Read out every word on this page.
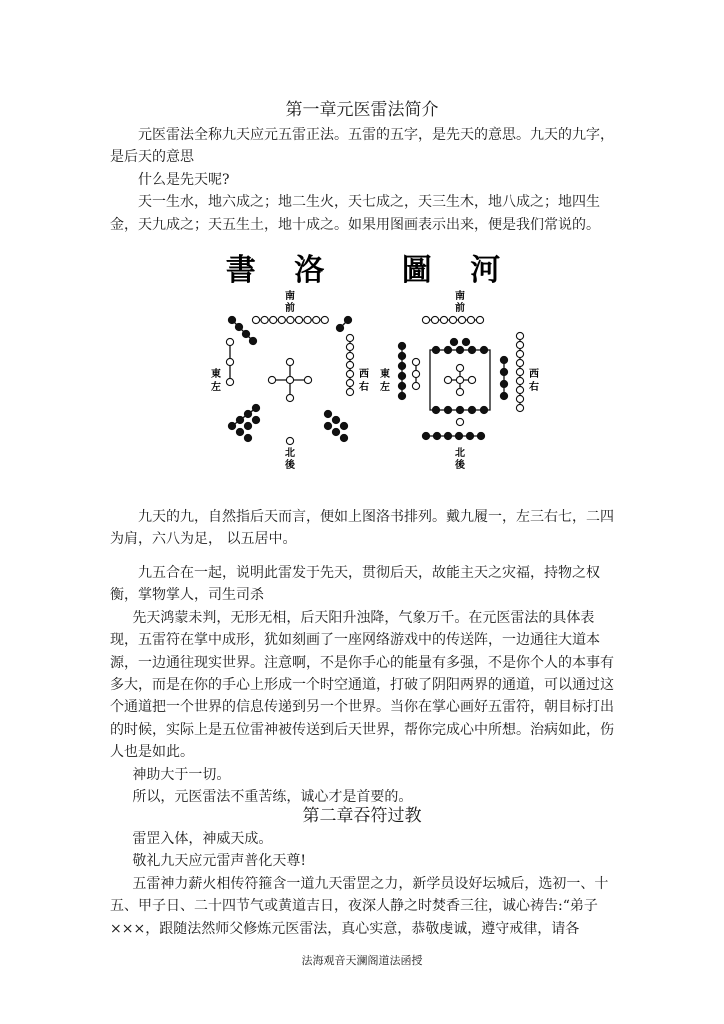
第一章元医雷法简介

元医雷法全称九天应元五雷正法。五雷的五字，是先天的意思。九天的九字，是后天的意思

什么是先天呢?

天一生水，地六成之；地二生火，天七成之，天三生木，地八成之；地四生金，天九成之；天五生土，地十成之。如果用图画表示出来，便是我们常说的。

書 洛 圖 河
南
前
東
左
西
右
北
後
南
前
東
左
西
右
北
後

九天的九，自然指后天而言，便如上图洛书排列。戴九履一，左三右七，二四为肩，六八为足， 以五居中。

九五合在一起，说明此雷发于先天，贯彻后天，故能主天之灾福，持物之权衡，掌物掌人，司生司杀

先天鸿蒙未判，无形无相，后天阳升浊降，气象万千。在元医雷法的具体表现，五雷符在掌中成形，犹如刻画了一座网络游戏中的传送阵，一边通往大道本源，一边通往现实世界。注意啊，不是你手心的能量有多强，不是你个人的本事有多大，而是在你的手心上形成一个时空通道，打破了阴阳两界的通道，可以通过这个通道把一个世界的信息传递到另一个世界。当你在掌心画好五雷符，朝目标打出的时候，实际上是五位雷神被传送到后天世界，帮你完成心中所想。治病如此，伤人也是如此。

神助大于一切。

所以，元医雷法不重苦练，诚心才是首要的。

第二章吞符过教

雷罡入体，神威天成。

敬礼九天应元雷声普化天尊!

五雷神力薪火相传符箍含一道九天雷罡之力，新学员设好坛城后，选初一、十五、甲子日、二十四节气或黄道吉日，夜深人静之时焚香三往，诚心祷告:“弟子×××，跟随法然师父修炼元医雷法，真心实意，恭敬虔诚，遵守戒律，请各

法海观音天澜阁道法函授
